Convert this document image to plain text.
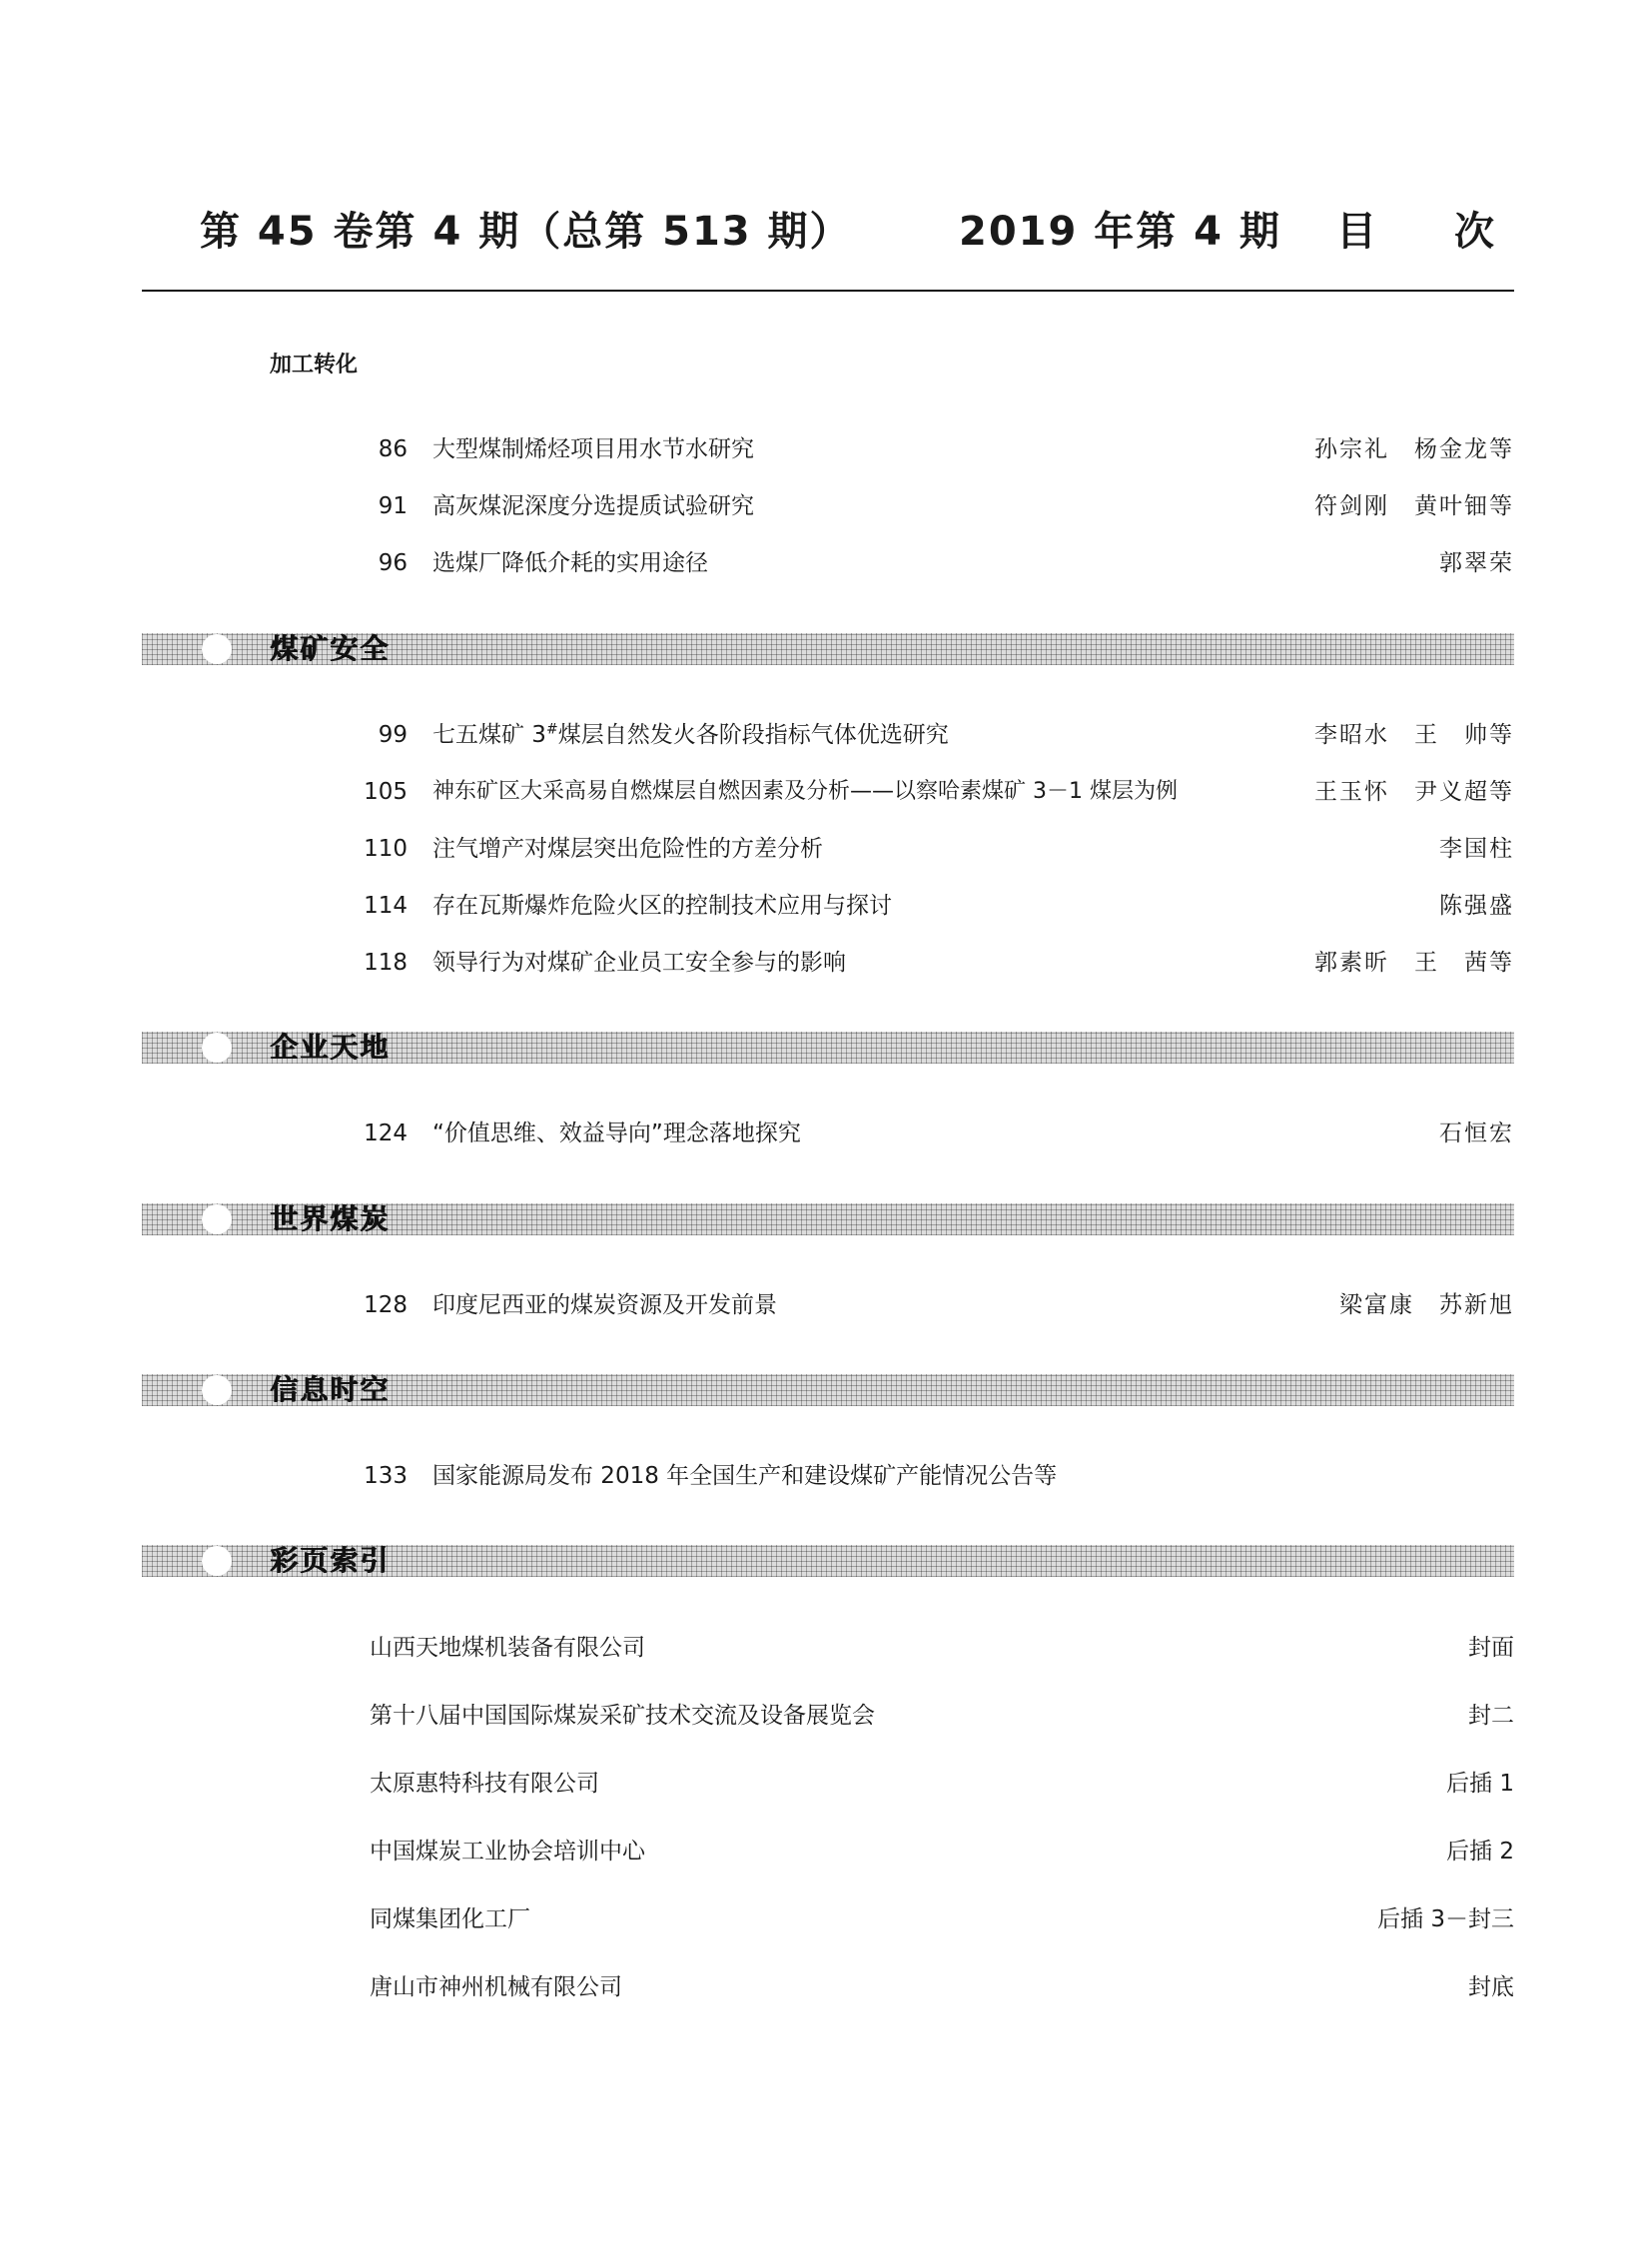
第 45 卷第 4 期（总第 513 期）	2019 年第 4 期 目 次
加工转化
86 大型煤制烯烃项目用水节水研究	孙宗礼　杨金龙等
91 高灰煤泥深度分选提质试验研究	符剑刚　黄叶钿等
96 选煤厂降低介耗的实用途径	郭翠荣
煤矿安全
99 七五煤矿 3#煤层自然发火各阶段指标气体优选研究	李昭水　王　帅等
105 神东矿区大采高易自燃煤层自燃因素及分析——以察哈素煤矿 3－1 煤层为例	王玉怀　尹义超等
110 注气增产对煤层突出危险性的方差分析	李国柱
114 存在瓦斯爆炸危险火区的控制技术应用与探讨	陈强盛
118 领导行为对煤矿企业员工安全参与的影响	郭素昕　王　茜等
企业天地
124 “价值思维、效益导向”理念落地探究	石恒宏
世界煤炭
128 印度尼西亚的煤炭资源及开发前景	梁富康　苏新旭
信息时空
133 国家能源局发布 2018 年全国生产和建设煤矿产能情况公告等
彩页索引
山西天地煤机装备有限公司	封面
第十八届中国国际煤炭采矿技术交流及设备展览会	封二
太原惠特科技有限公司	后插 1
中国煤炭工业协会培训中心	后插 2
同煤集团化工厂	后插 3－封三
唐山市神州机械有限公司	封底
